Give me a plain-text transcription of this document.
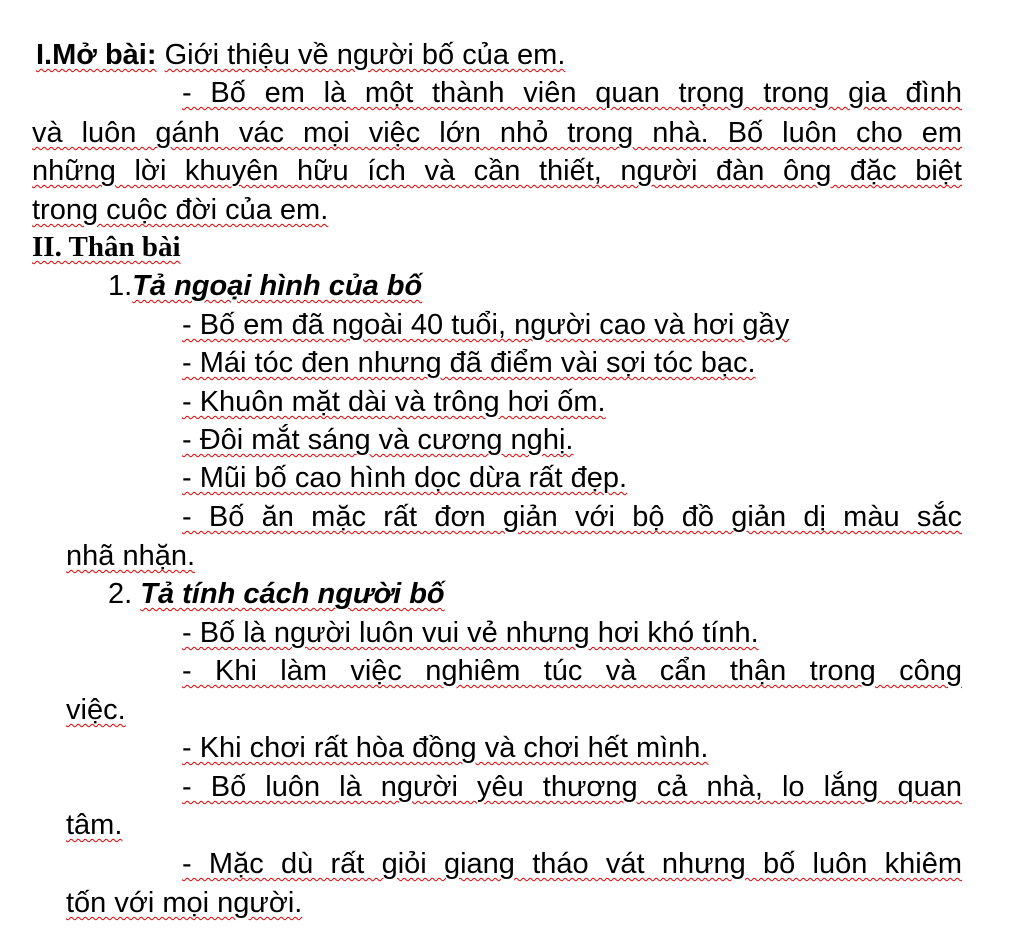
I.Mở bài: Giới thiệu về người bố của em.
- Bố em là một thành viên quan trọng trong gia đình
và luôn gánh vác mọi việc lớn nhỏ trong nhà. Bố luôn cho em
những lời khuyên hữu ích và cần thiết, người đàn ông đặc biệt
trong cuộc đời của em.
II. Thân bài
1.Tả ngoại hình của bố
- Bố em đã ngoài 40 tuổi, người cao và hơi gầy
- Mái tóc đen nhưng đã điểm vài sợi tóc bạc.
- Khuôn mặt dài và trông hơi ốm.
- Đôi mắt sáng và cương nghị.
- Mũi bố cao hình dọc dừa rất đẹp.
- Bố ăn mặc rất đơn giản với bộ đồ giản dị màu sắc
nhã nhặn.
2. Tả tính cách người bố
- Bố là người luôn vui vẻ nhưng hơi khó tính.
- Khi làm việc nghiêm túc và cẩn thận trong công
việc.
- Khi chơi rất hòa đồng và chơi hết mình.
- Bố luôn là người yêu thương cả nhà, lo lắng quan
tâm.
- Mặc dù rất giỏi giang tháo vát nhưng bố luôn khiêm
tốn với mọi người.
